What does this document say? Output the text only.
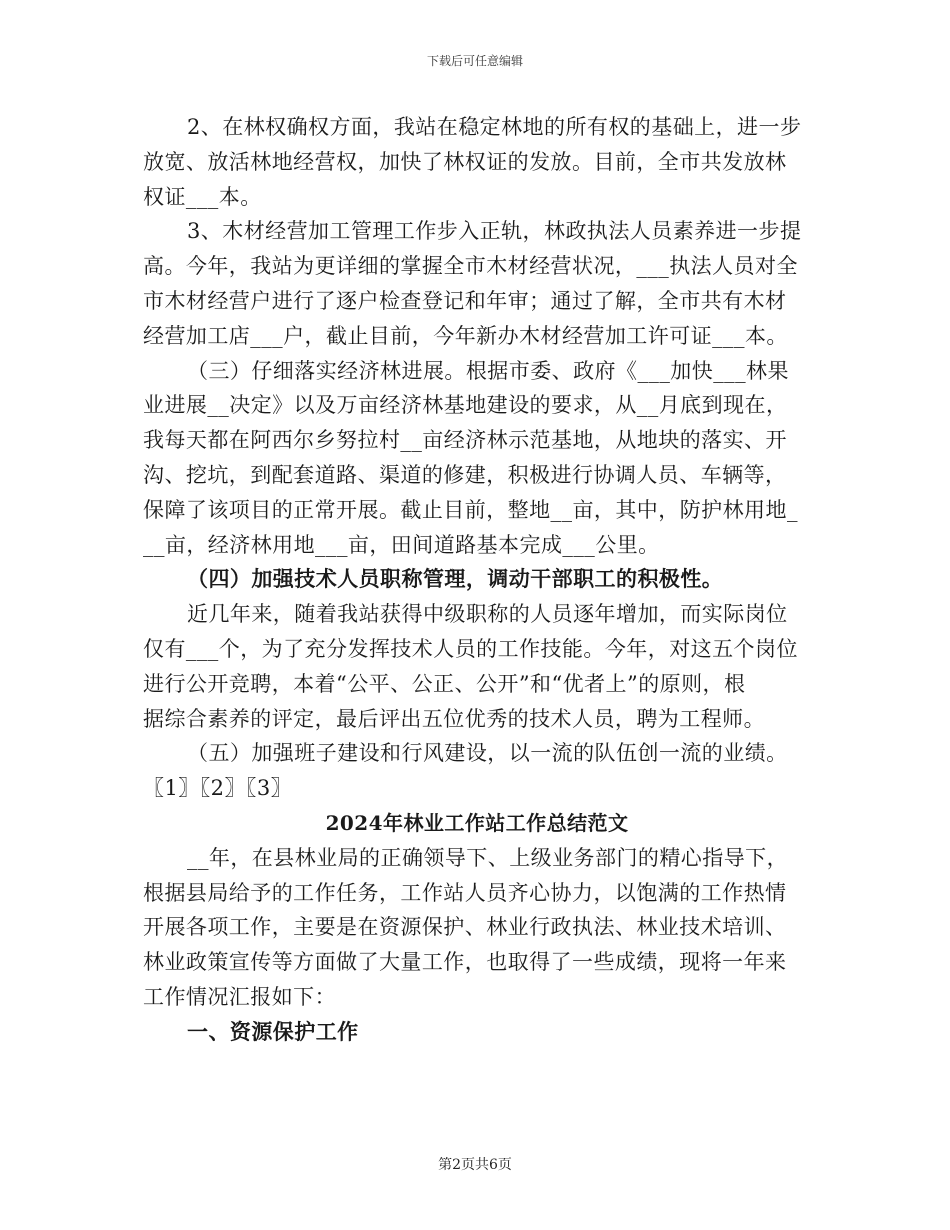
下载后可任意编辑
2、在林权确权方面，我站在稳定林地的所有权的基础上，进一步
放宽、放活林地经营权，加快了林权证的发放。目前，全市共发放林
权证___本。
3、木材经营加工管理工作步入正轨，林政执法人员素养进一步提
高。今年，我站为更详细的掌握全市木材经营状况，___执法人员对全
市木材经营户进行了逐户检查登记和年审；通过了解，全市共有木材
经营加工店___户，截止目前，今年新办木材经营加工许可证___本。
（三）仔细落实经济林进展。根据市委、政府《___加快___林果
业进展__决定》以及万亩经济林基地建设的要求，从__月底到现在，
我每天都在阿西尔乡努拉村__亩经济林示范基地，从地块的落实、开
沟、挖坑，到配套道路、渠道的修建，积极进行协调人员、车辆等，
保障了该项目的正常开展。截止目前，整地__亩，其中，防护林用地_
__亩，经济林用地___亩，田间道路基本完成___公里。
（四）加强技术人员职称管理，调动干部职工的积极性。
近几年来，随着我站获得中级职称的人员逐年增加，而实际岗位
仅有___个，为了充分发挥技术人员的工作技能。今年，对这五个岗位
进行公开竞聘，本着“公平、公正、公开”和“优者上”的原则，根
据综合素养的评定，最后评出五位优秀的技术人员，聘为工程师。
（五）加强班子建设和行风建设，以一流的队伍创一流的业绩。
〖1〗〖2〗〖3〗
2024年林业工作站工作总结范文
__年，在县林业局的正确领导下、上级业务部门的精心指导下，
根据县局给予的工作任务，工作站人员齐心协力，以饱满的工作热情
开展各项工作，主要是在资源保护、林业行政执法、林业技术培训、
林业政策宣传等方面做了大量工作，也取得了一些成绩，现将一年来
工作情况汇报如下：
一、资源保护工作
第2页共6页
